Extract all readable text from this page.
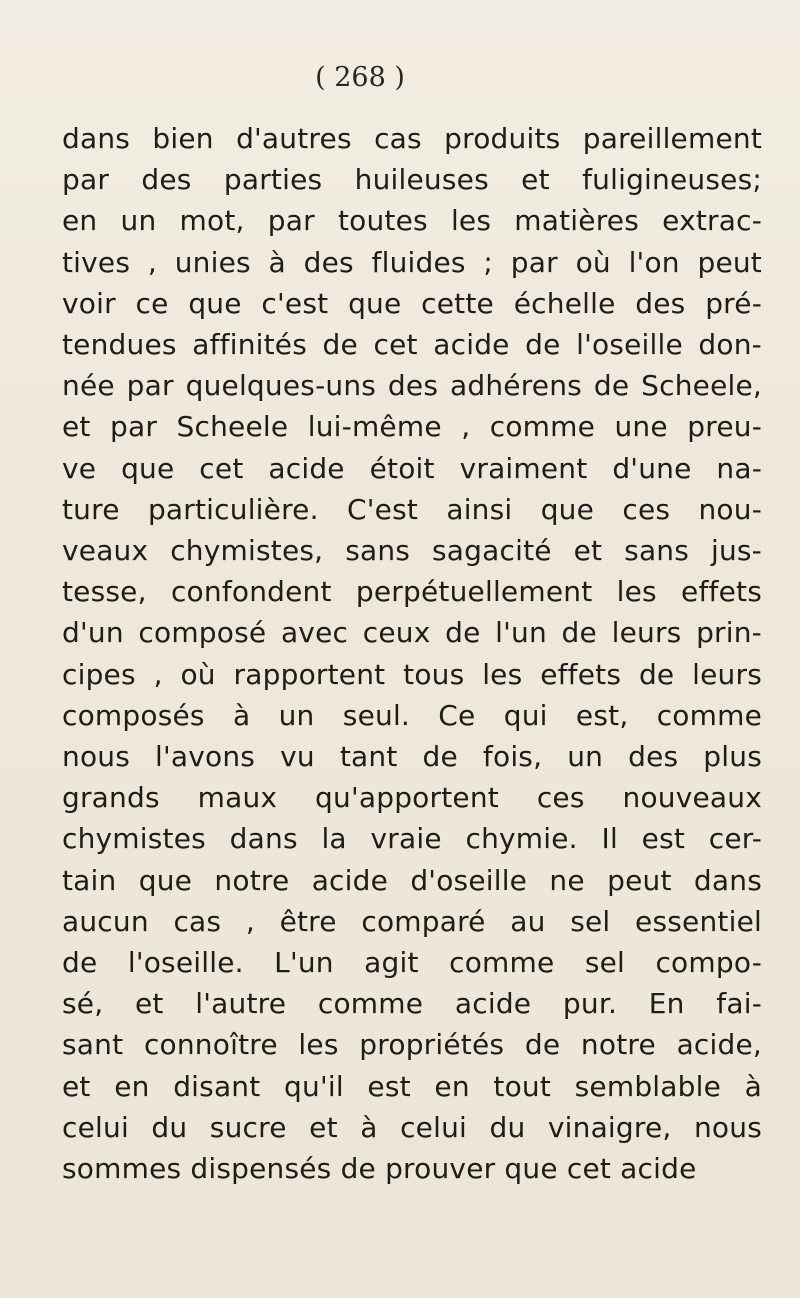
( 268 )
dans bien d'autres cas produits pareillement
par des parties huileuses et fuligineuses;
en un mot, par toutes les matières extrac-
tives , unies à des fluides ; par où l'on peut
voir ce que c'est que cette échelle des pré-
tendues affinités de cet acide de l'oseille don-
née par quelques-uns des adhérens de Scheele,
et par Scheele lui-même , comme une preu-
ve que cet acide étoit vraiment d'une na-
ture particulière. C'est ainsi que ces nou-
veaux chymistes, sans sagacité et sans jus-
tesse, confondent perpétuellement les effets
d'un composé avec ceux de l'un de leurs prin-
cipes , où rapportent tous les effets de leurs
composés à un seul. Ce qui est, comme
nous l'avons vu tant de fois, un des plus
grands maux qu'apportent ces nouveaux
chymistes dans la vraie chymie. Il est cer-
tain que notre acide d'oseille ne peut dans
aucun cas , être comparé au sel essentiel
de l'oseille. L'un agit comme sel compo-
sé, et l'autre comme acide pur. En fai-
sant connoître les propriétés de notre acide,
et en disant qu'il est en tout semblable à
celui du sucre et à celui du vinaigre, nous
sommes dispensés de prouver que cet acide
